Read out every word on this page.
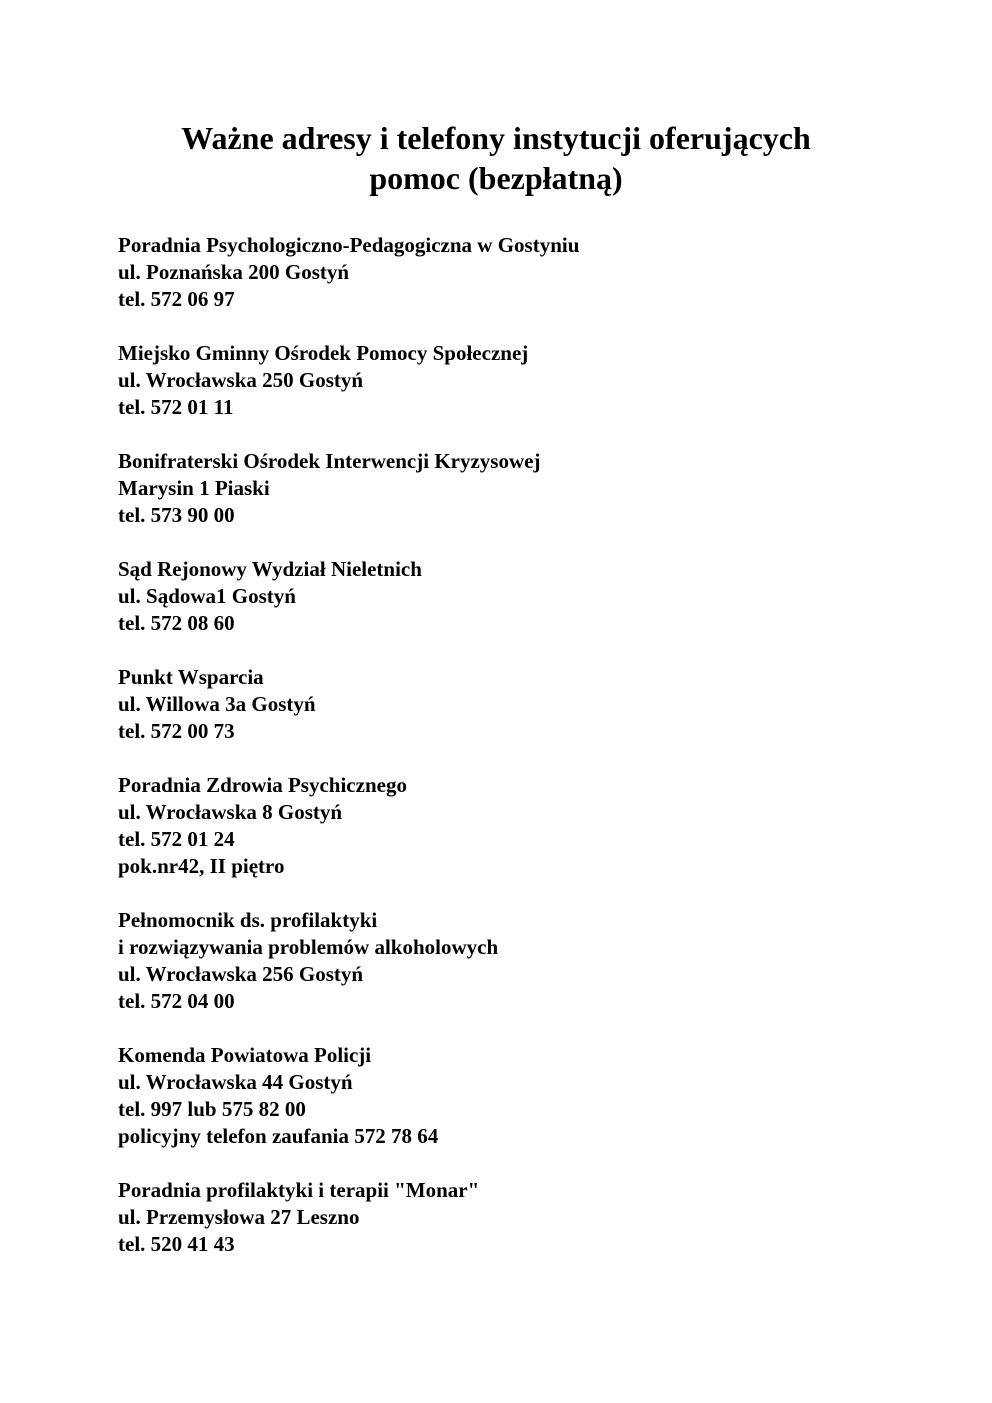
Ważne adresy i telefony instytucji oferujących
pomoc (bezpłatną)
Poradnia Psychologiczno-Pedagogiczna w Gostyniu
ul. Poznańska 200 Gostyń
tel. 572 06 97
Miejsko Gminny Ośrodek Pomocy Społecznej
ul. Wrocławska 250 Gostyń
tel. 572 01 11
Bonifraterski Ośrodek Interwencji Kryzysowej
Marysin 1 Piaski
tel. 573 90 00
Sąd Rejonowy Wydział Nieletnich
ul. Sądowa1 Gostyń
tel. 572 08 60
Punkt Wsparcia
ul. Willowa 3a Gostyń
tel. 572 00 73
Poradnia Zdrowia Psychicznego
ul. Wrocławska 8 Gostyń
tel. 572 01 24
pok.nr42, II piętro
Pełnomocnik ds. profilaktyki
i rozwiązywania problemów alkoholowych
ul. Wrocławska 256 Gostyń
tel. 572 04 00
Komenda Powiatowa Policji
ul. Wrocławska 44 Gostyń
tel. 997 lub 575 82 00
policyjny telefon zaufania 572 78 64
Poradnia profilaktyki i terapii "Monar"
ul. Przemysłowa 27 Leszno
tel. 520 41 43
